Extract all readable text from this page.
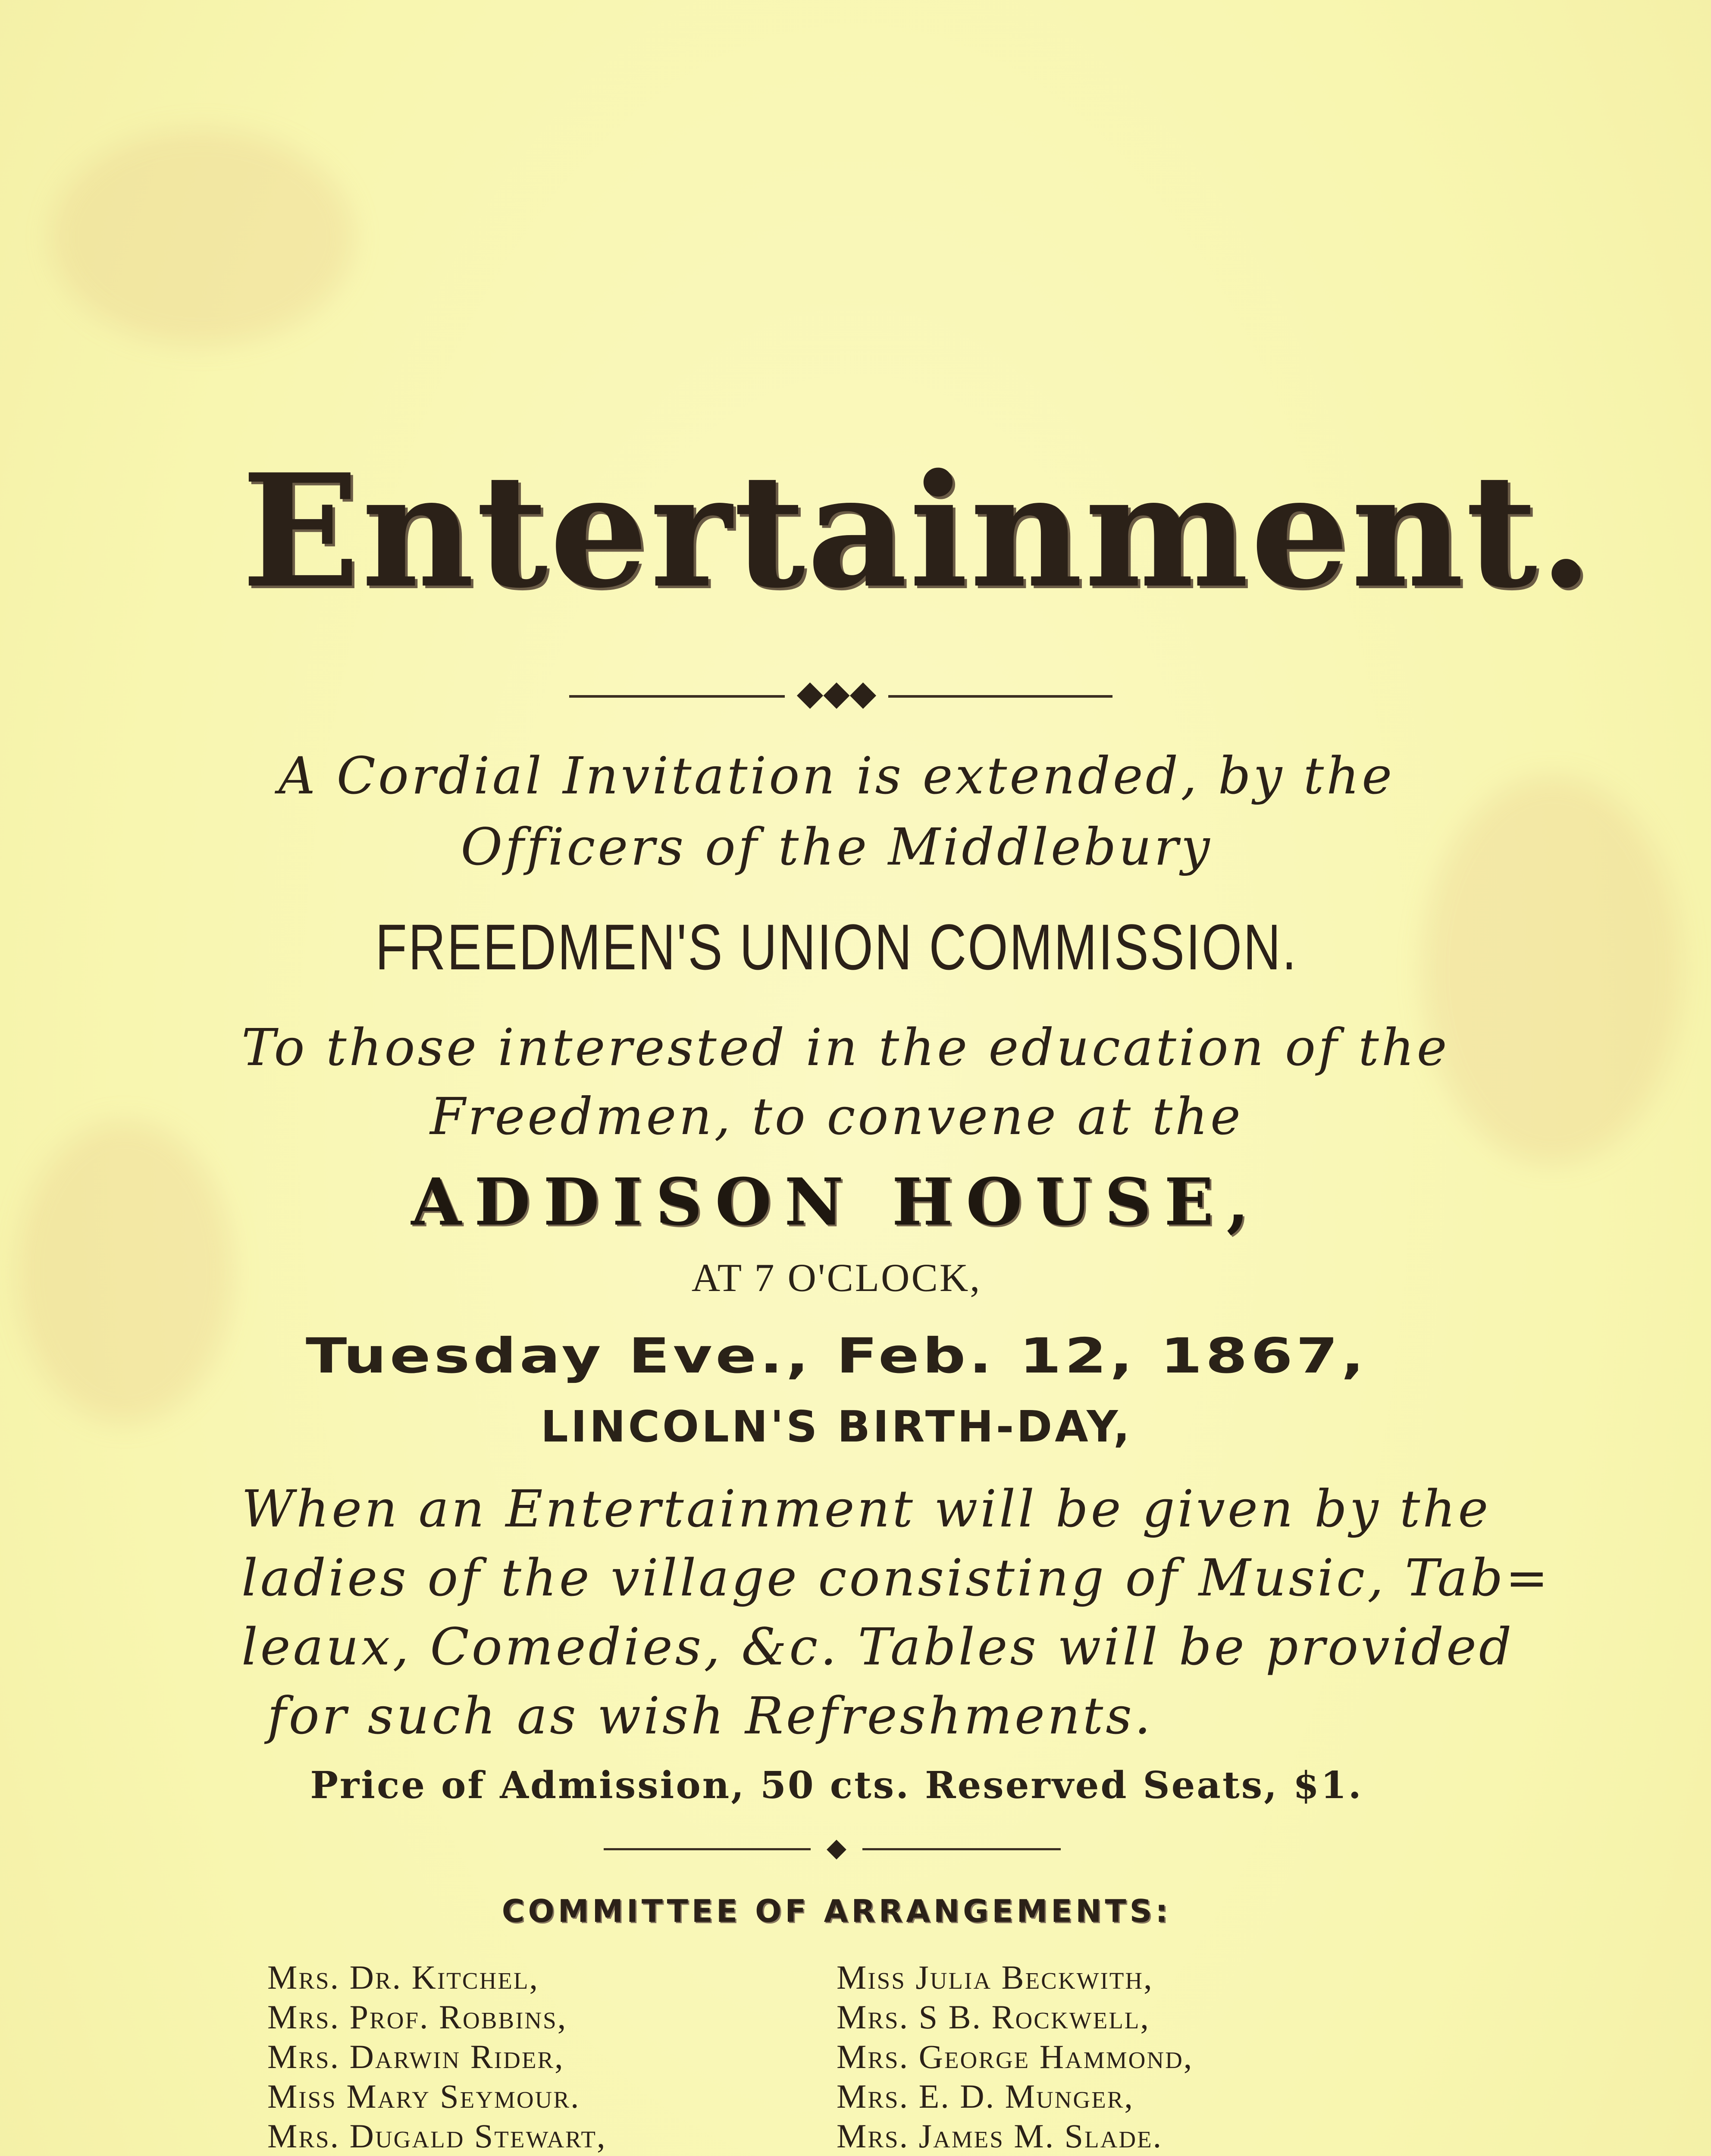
Entertainment.
◆◆◆
A Cordial Invitation is extended, by the
Officers of the Middlebury
FREEDMEN'S UNION COMMISSION.
To those interested in the education of the
Freedmen, to convene at the
ADDISON HOUSE,
AT 7 O'CLOCK,
Tuesday Eve., Feb. 12, 1867,
LINCOLN'S BIRTH-DAY,
When an Entertainment will be given by the
ladies of the village consisting of Music, Tab=
leaux, Comedies, &c. Tables will be provided
for such as wish Refreshments.
Price of Admission, 50 cts. Reserved Seats, $1.
◆
COMMITTEE OF ARRANGEMENTS:
Mrs. Dr. Kitchel,
Mrs. Prof. Robbins,
Mrs. Darwin Rider,
Miss Mary Seymour.
Mrs. Dugald Stewart,
Miss Julia Beckwith,
Mrs. S B. Rockwell,
Mrs. George Hammond,
Mrs. E. D. Munger,
Mrs. James M. Slade.
